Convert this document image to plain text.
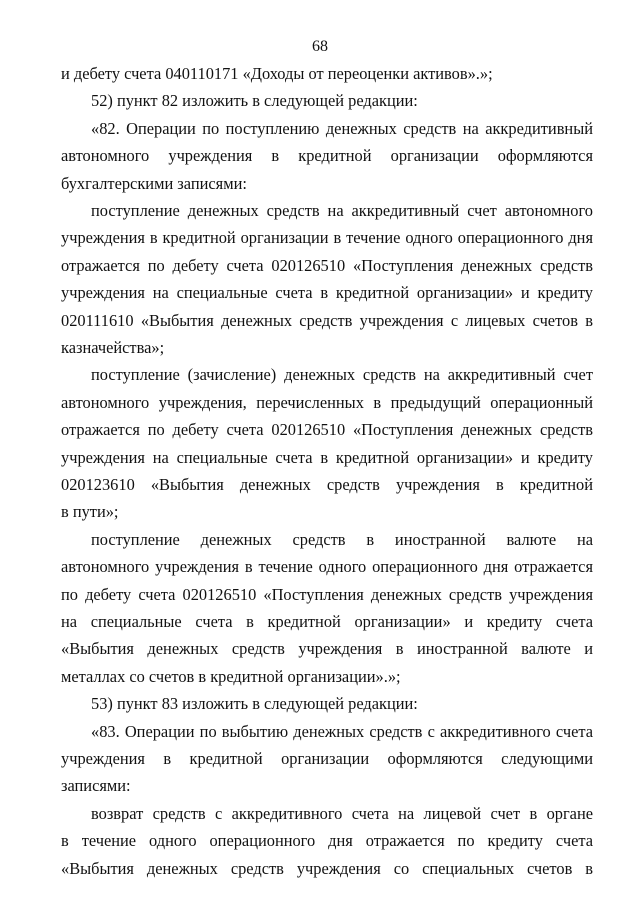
68
и дебету счета 040110171 «Доходы от переоценки активов».»;
52) пункт 82 изложить в следующей редакции:
«82. Операции по поступлению денежных средств на аккредитивный
автономного учреждения в кредитной организации оформляются
бухгалтерскими записями:
поступление денежных средств на аккредитивный счет автономного
учреждения в кредитной организации в течение одного операционного дня
отражается по дебету счета 020126510 «Поступления денежных средств
учреждения на специальные счета в кредитной организации» и кредиту
020111610 «Выбытия денежных средств учреждения с лицевых счетов в
казначейства»;
поступление (зачисление) денежных средств на аккредитивный счет
автономного учреждения, перечисленных в предыдущий операционный
отражается по дебету счета 020126510 «Поступления денежных средств
учреждения на специальные счета в кредитной организации» и кредиту
020123610 «Выбытия денежных средств учреждения в кредитной
в пути»;
поступление денежных средств в иностранной валюте на
автономного учреждения в течение одного операционного дня отражается
по дебету счета 020126510 «Поступления денежных средств учреждения
на специальные счета в кредитной организации» и кредиту счета
«Выбытия денежных средств учреждения в иностранной валюте и
металлах со счетов в кредитной организации».»;
53) пункт 83 изложить в следующей редакции:
«83. Операции по выбытию денежных средств с аккредитивного счета
учреждения в кредитной организации оформляются следующими
записями:
возврат средств с аккредитивного счета на лицевой счет в органе
в течение одного операционного дня отражается по кредиту счета
«Выбытия денежных средств учреждения со специальных счетов в
